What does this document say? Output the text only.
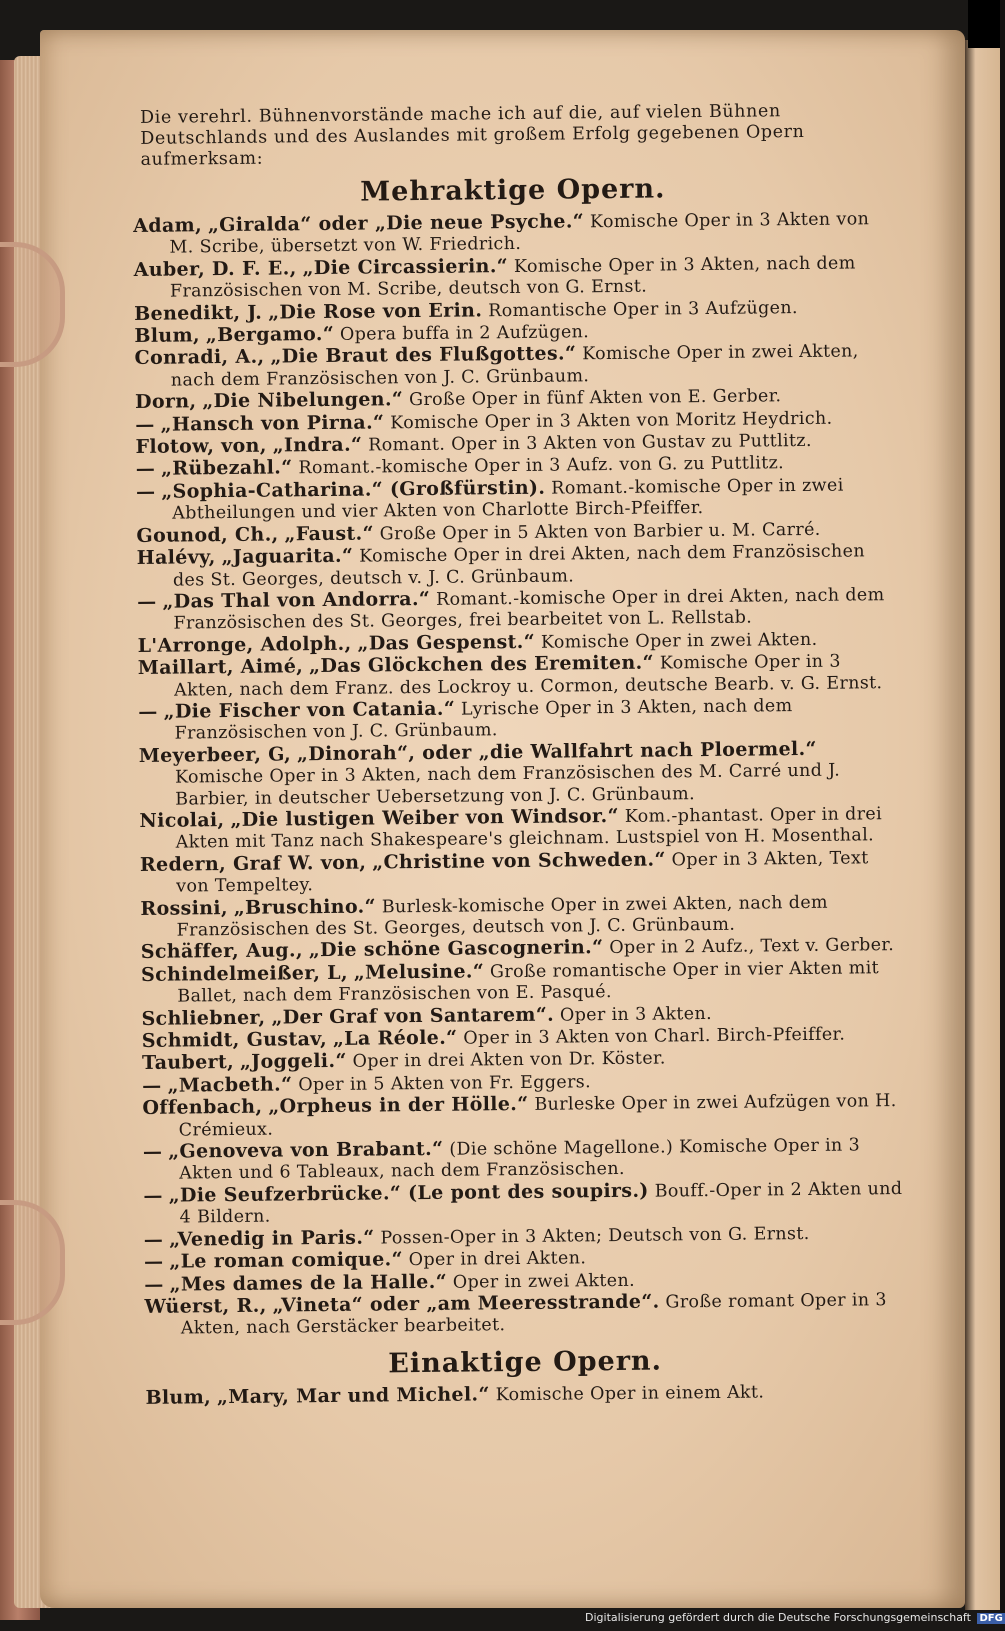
Die verehrl. Bühnenvorstände mache ich auf die, auf vielen Bühnen Deutschlands und des Auslandes mit großem Erfolg gegebenen Opern aufmerksam:

Mehraktige Opern.

Adam, „Giralda“ oder „Die neue Psyche.“ Komische Oper in 3 Akten von M. Scribe, übersetzt von W. Friedrich.

Auber, D. F. E., „Die Circassierin.“ Komische Oper in 3 Akten, nach dem Französischen von M. Scribe, deutsch von G. Ernst.

Benedikt, J. „Die Rose von Erin. Romantische Oper in 3 Aufzügen.

Blum, „Bergamo.“ Opera buffa in 2 Aufzügen.

Conradi, A., „Die Braut des Flußgottes.“ Komische Oper in zwei Akten, nach dem Französischen von J. C. Grünbaum.

Dorn, „Die Nibelungen.“ Große Oper in fünf Akten von E. Gerber.

— „Hansch von Pirna.“ Komische Oper in 3 Akten von Moritz Heydrich.

Flotow, von, „Indra.“ Romant. Oper in 3 Akten von Gustav zu Puttlitz.

— „Rübezahl.“ Romant.-komische Oper in 3 Aufz. von G. zu Puttlitz.

— „Sophia-Catharina.“ (Großfürstin). Romant.-komische Oper in zwei Abtheilungen und vier Akten von Charlotte Birch-Pfeiffer.

Gounod, Ch., „Faust.“ Große Oper in 5 Akten von Barbier u. M. Carré.

Halévy, „Jaguarita.“ Komische Oper in drei Akten, nach dem Französischen des St. Georges, deutsch v. J. C. Grünbaum.

— „Das Thal von Andorra.“ Romant.-komische Oper in drei Akten, nach dem Französischen des St. Georges, frei bearbeitet von L. Rellstab.

L'Arronge, Adolph., „Das Gespenst.“ Komische Oper in zwei Akten.

Maillart, Aimé, „Das Glöckchen des Eremiten.“ Komische Oper in 3 Akten, nach dem Franz. des Lockroy u. Cormon, deutsche Bearb. v. G. Ernst.

— „Die Fischer von Catania.“ Lyrische Oper in 3 Akten, nach dem Französischen von J. C. Grünbaum.

Meyerbeer, G, „Dinorah“, oder „die Wallfahrt nach Ploermel.“ Komische Oper in 3 Akten, nach dem Französischen des M. Carré und J. Barbier, in deutscher Uebersetzung von J. C. Grünbaum.

Nicolai, „Die lustigen Weiber von Windsor.“ Kom.-phantast. Oper in drei Akten mit Tanz nach Shakespeare's gleichnam. Lustspiel von H. Mosenthal.

Redern, Graf W. von, „Christine von Schweden.“ Oper in 3 Akten, Text von Tempeltey.

Rossini, „Bruschino.“ Burlesk-komische Oper in zwei Akten, nach dem Französischen des St. Georges, deutsch von J. C. Grünbaum.

Schäffer, Aug., „Die schöne Gascognerin.“ Oper in 2 Aufz., Text v. Gerber.

Schindelmeißer, L, „Melusine.“ Große romantische Oper in vier Akten mit Ballet, nach dem Französischen von E. Pasqué.

Schliebner, „Der Graf von Santarem“. Oper in 3 Akten.

Schmidt, Gustav, „La Réole.“ Oper in 3 Akten von Charl. Birch-Pfeiffer.

Taubert, „Joggeli.“ Oper in drei Akten von Dr. Köster.

— „Macbeth.“ Oper in 5 Akten von Fr. Eggers.

Offenbach, „Orpheus in der Hölle.“ Burleske Oper in zwei Aufzügen von H. Crémieux.

— „Genoveva von Brabant.“ (Die schöne Magellone.) Komische Oper in 3 Akten und 6 Tableaux, nach dem Französischen.

— „Die Seufzerbrücke.“ (Le pont des soupirs.) Bouff.-Oper in 2 Akten und 4 Bildern.

— „Venedig in Paris.“ Possen-Oper in 3 Akten; Deutsch von G. Ernst.

— „Le roman comique.“ Oper in drei Akten.

— „Mes dames de la Halle.“ Oper in zwei Akten.

Wüerst, R., „Vineta“ oder „am Meeresstrande“. Große romant Oper in 3 Akten, nach Gerstäcker bearbeitet.

Einaktige Opern.

Blum, „Mary, Mar und Michel.“ Komische Oper in einem Akt.

Digitalisierung gefördert durch die Deutsche Forschungsgemeinschaft DFG
